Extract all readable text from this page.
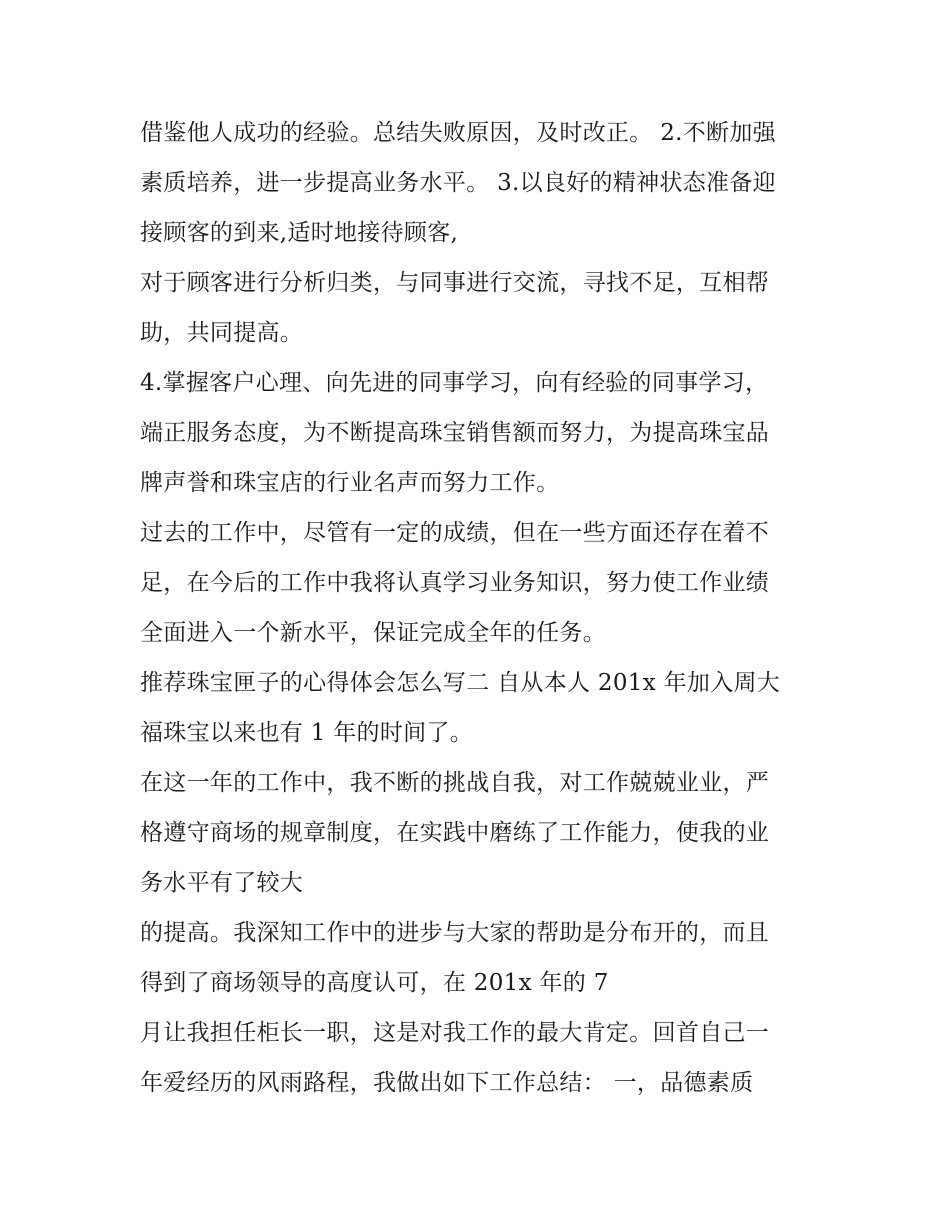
借鉴他人成功的经验。总结失败原因，及时改正。 2.不断加强
素质培养，进一步提高业务水平。 3.以良好的精神状态准备迎
接顾客的到来,适时地接待顾客,
对于顾客进行分析归类，与同事进行交流，寻找不足，互相帮
助，共同提高。
4.掌握客户心理、向先进的同事学习，向有经验的同事学习，
端正服务态度，为不断提高珠宝销售额而努力，为提高珠宝品
牌声誉和珠宝店的行业名声而努力工作。
过去的工作中，尽管有一定的成绩，但在一些方面还存在着不
足，在今后的工作中我将认真学习业务知识，努力使工作业绩
全面进入一个新水平，保证完成全年的任务。
推荐珠宝匣子的心得体会怎么写二 自从本人 201x 年加入周大
福珠宝以来也有 1 年的时间了。
在这一年的工作中，我不断的挑战自我，对工作兢兢业业，严
格遵守商场的规章制度，在实践中磨练了工作能力，使我的业
务水平有了较大
的提高。我深知工作中的进步与大家的帮助是分布开的，而且
得到了商场领导的高度认可，在 201x 年的 7
月让我担任柜长一职，这是对我工作的最大肯定。回首自己一
年爱经历的风雨路程，我做出如下工作总结： 一，品德素质
